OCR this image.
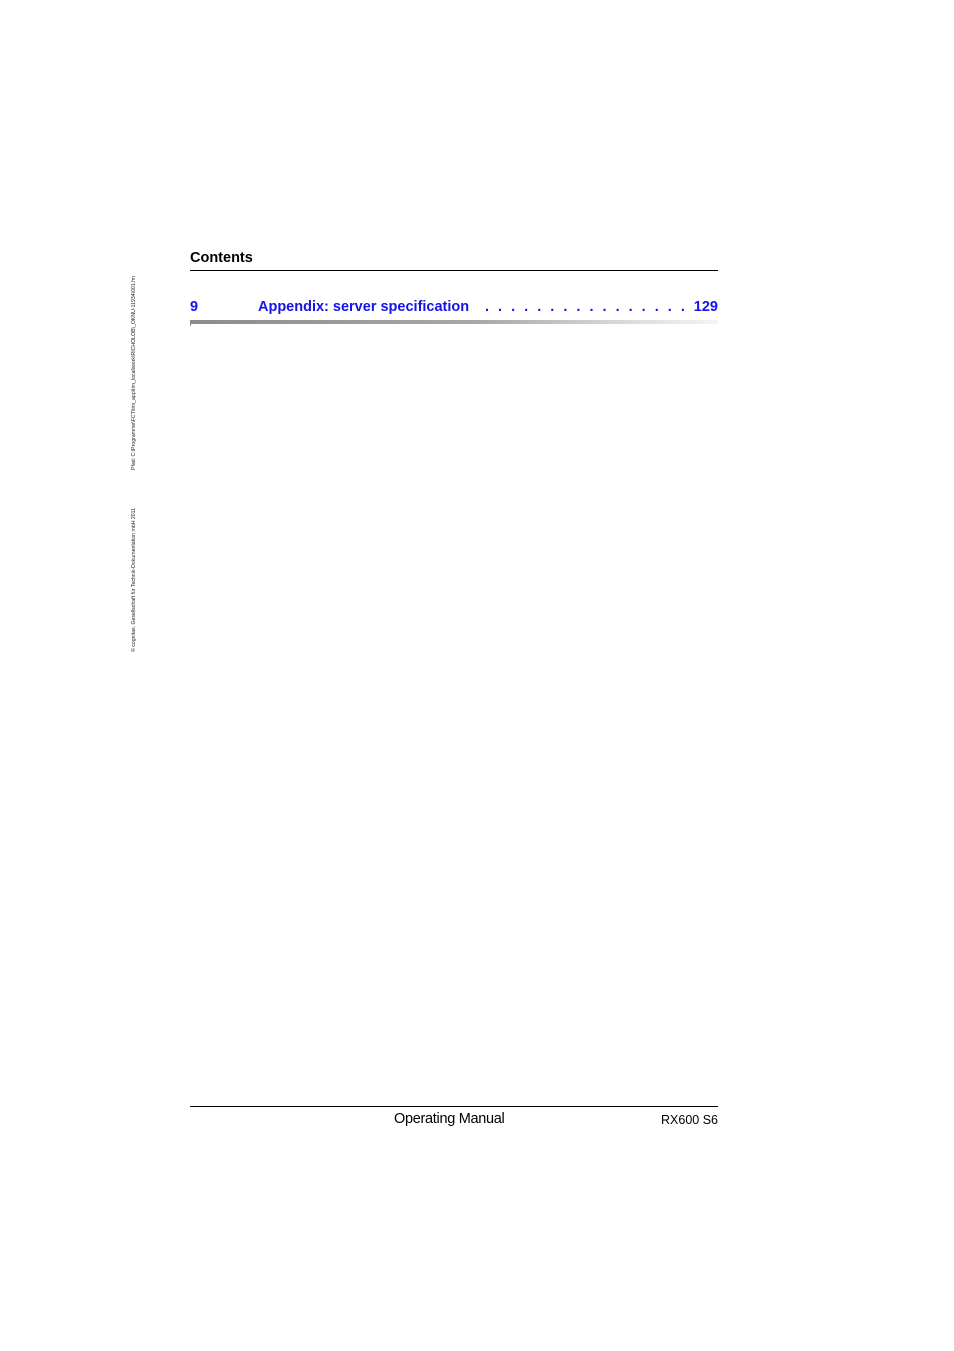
© cognitas. Gesellschaft für Technik-Dokumentation mbH 2011
Pfad: C:\Programme\FCT\tim_app\tim_local\work\RICHOLOB\_OKNU-11934\001.fm
Contents
9	Appendix: server specification . . . . . . . . . . . . . . . . 129
Operating Manual	RX600 S6
